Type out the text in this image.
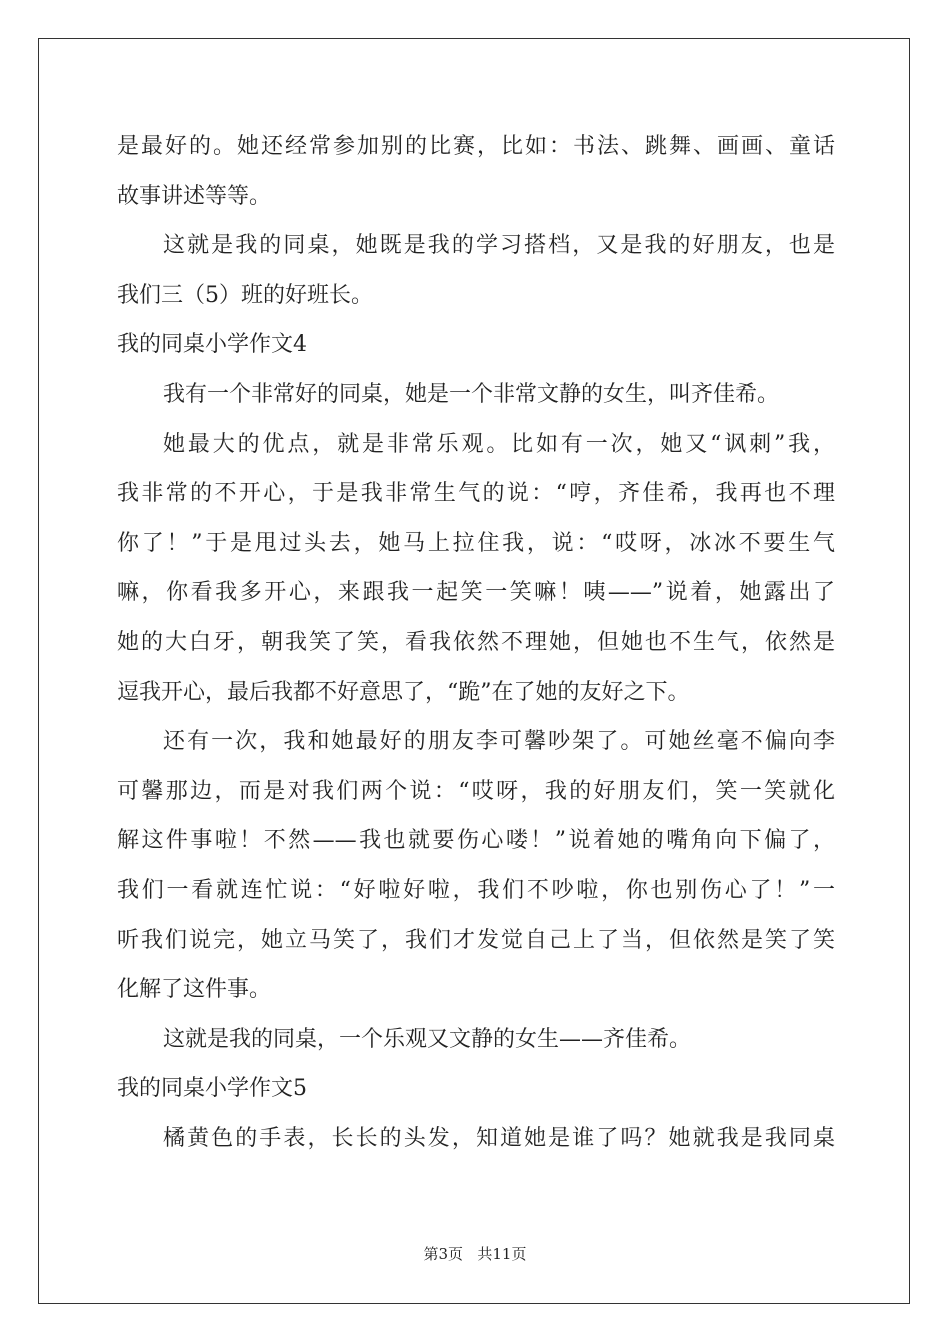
是最好的。她还经常参加别的比赛，比如：书法、跳舞、画画、童话
故事讲述等等。
这就是我的同桌，她既是我的学习搭档，又是我的好朋友，也是
我们三（5）班的好班长。
我的同桌小学作文4
我有一个非常好的同桌，她是一个非常文静的女生，叫齐佳希。
她最大的优点，就是非常乐观。比如有一次，她又“讽刺”我，
我非常的不开心，于是我非常生气的说：“哼，齐佳希，我再也不理
你了！”于是甩过头去，她马上拉住我，说：“哎呀，冰冰不要生气
嘛，你看我多开心，来跟我一起笑一笑嘛！咦——”说着，她露出了
她的大白牙，朝我笑了笑，看我依然不理她，但她也不生气，依然是
逗我开心，最后我都不好意思了，“跪”在了她的友好之下。
还有一次，我和她最好的朋友李可馨吵架了。可她丝毫不偏向李
可馨那边，而是对我们两个说：“哎呀，我的好朋友们，笑一笑就化
解这件事啦！不然——我也就要伤心喽！”说着她的嘴角向下偏了，
我们一看就连忙说：“好啦好啦，我们不吵啦，你也别伤心了！”一
听我们说完，她立马笑了，我们才发觉自己上了当，但依然是笑了笑
化解了这件事。
这就是我的同桌，一个乐观又文静的女生——齐佳希。
我的同桌小学作文5
橘黄色的手表，长长的头发，知道她是谁了吗？她就我是我同桌
第3页 共11页
